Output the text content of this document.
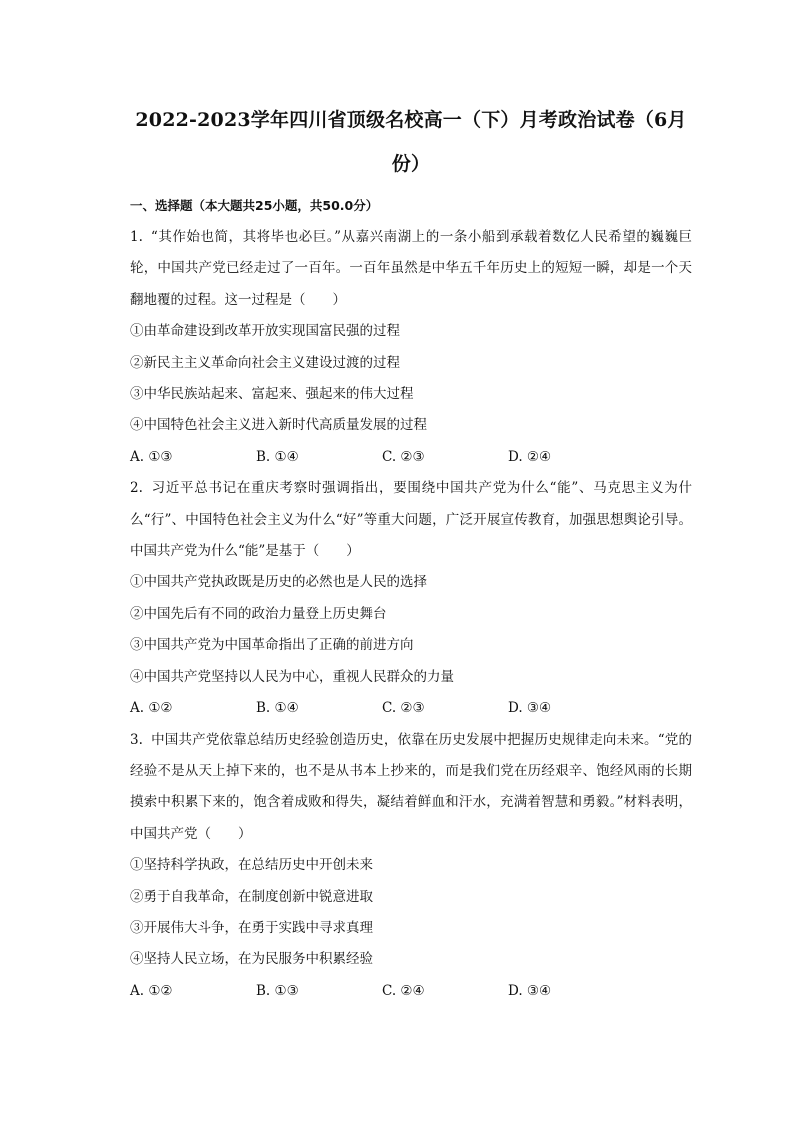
2022-2023学年四川省顶级名校高一（下）月考政治试卷（6月份）
一、选择题（本大题共25小题，共50.0分）

1. “其作始也简，其将毕也必巨。”从嘉兴南湖上的一条小船到承载着数亿人民希望的巍巍巨轮，中国共产党已经走过了一百年。一百年虽然是中华五千年历史上的短短一瞬，却是一个天翻地覆的过程。这一过程是（　　）

①由革命建设到改革开放实现国富民强的过程

②新民主主义革命向社会主义建设过渡的过程

③中华民族站起来、富起来、强起来的伟大过程

④中国特色社会主义进入新时代高质量发展的过程

A. ①③	B. ①④	C. ②③	D. ②④

2. 习近平总书记在重庆考察时强调指出，要围绕中国共产党为什么“能”、马克思主义为什么“行”、中国特色社会主义为什么“好”等重大问题，广泛开展宣传教育，加强思想舆论引导。中国共产党为什么“能”是基于（　　）

①中国共产党执政既是历史的必然也是人民的选择

②中国先后有不同的政治力量登上历史舞台

③中国共产党为中国革命指出了正确的前进方向

④中国共产党坚持以人民为中心，重视人民群众的力量

A. ①②	B. ①④	C. ②③	D. ③④

3. 中国共产党依靠总结历史经验创造历史，依靠在历史发展中把握历史规律走向未来。“党的经验不是从天上掉下来的，也不是从书本上抄来的，而是我们党在历经艰辛、饱经风雨的长期摸索中积累下来的，饱含着成败和得失，凝结着鲜血和汗水，充满着智慧和勇毅。”材料表明，中国共产党（　　）

①坚持科学执政，在总结历史中开创未来

②勇于自我革命，在制度创新中锐意进取

③开展伟大斗争，在勇于实践中寻求真理

④坚持人民立场，在为民服务中积累经验

A. ①②	B. ①③	C. ②④	D. ③④
